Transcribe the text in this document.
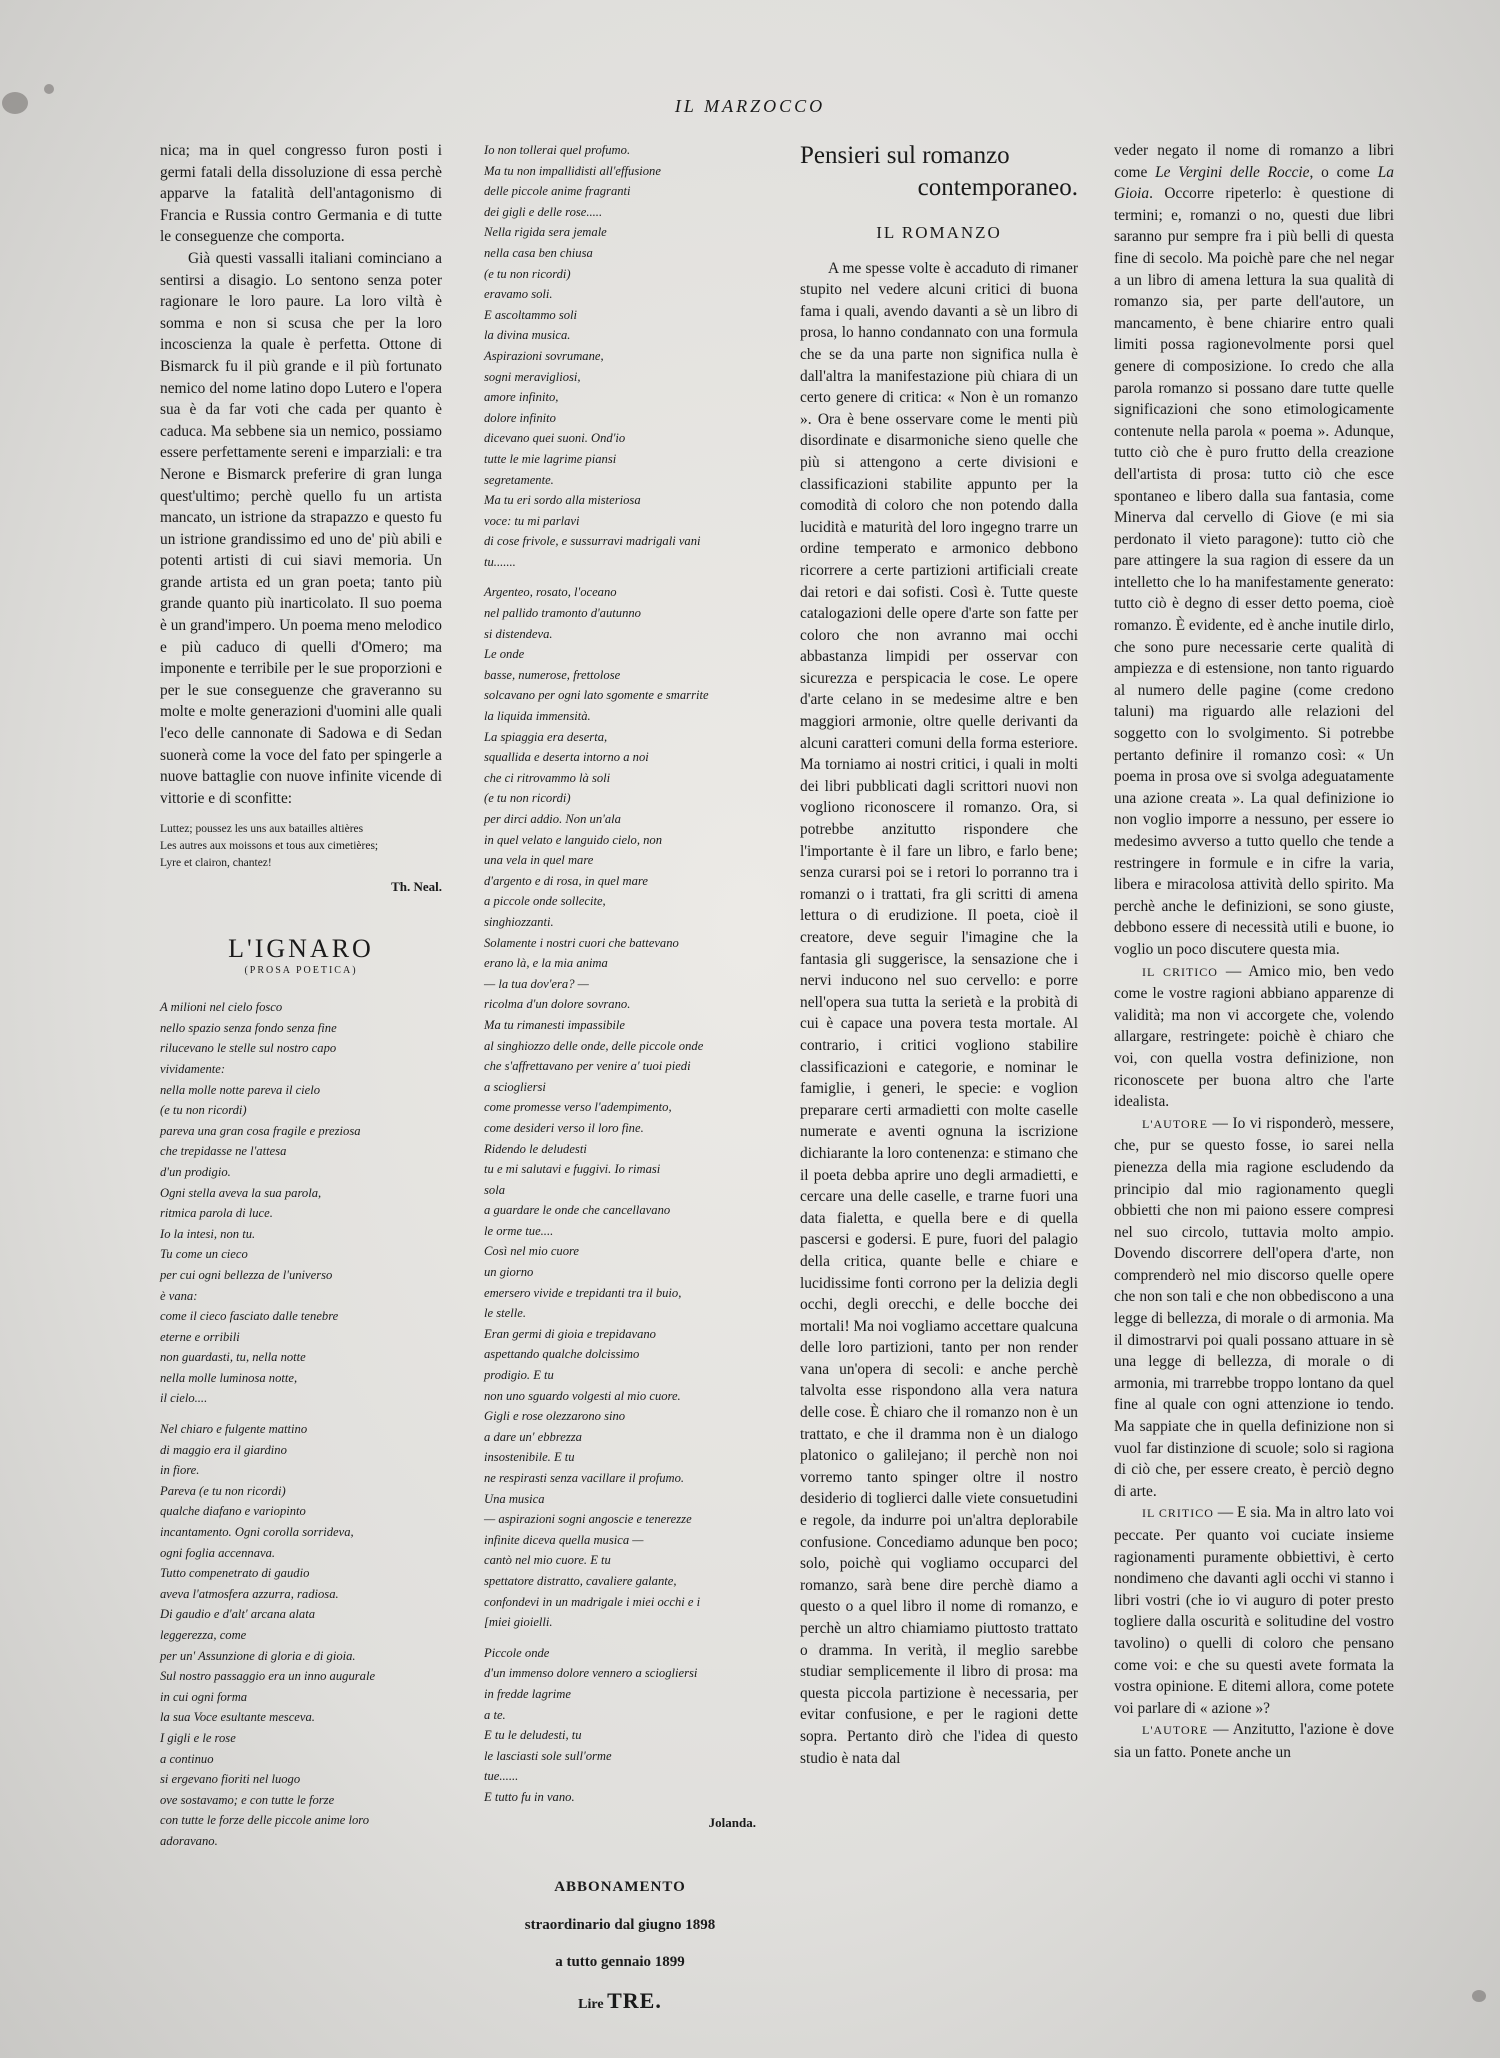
IL MARZOCCO

nica; ma in quel congresso furon posti i germi fatali della dissoluzione di essa perchè apparve la fatalità dell'antagonismo di Francia e Russia contro Germania e di tutte le conseguenze che comporta.

Già questi vassalli italiani cominciano a sentirsi a disagio. Lo sentono senza poter ragionare le loro paure. La loro viltà è somma e non si scusa che per la loro incoscienza la quale è perfetta. Ottone di Bismarck fu il più grande e il più fortunato nemico del nome latino dopo Lutero e l'opera sua è da far voti che cada per quanto è caduca. Ma sebbene sia un nemico, possiamo essere perfettamente sereni e imparziali: e tra Nerone e Bismarck preferire di gran lunga quest'ultimo; perchè quello fu un artista mancato, un istrione da strapazzo e questo fu un istrione grandissimo ed uno de' più abili e potenti artisti di cui siavi memoria. Un grande artista ed un gran poeta; tanto più grande quanto più inarticolato. Il suo poema è un grand'impero. Un poema meno melodico e più caduco di quelli d'Omero; ma imponente e terribile per le sue proporzioni e per le sue conseguenze che graveranno su molte e molte generazioni d'uomini alle quali l'eco delle cannonate di Sadowa e di Sedan suonerà come la voce del fato per spingerle a nuove battaglie con nuove infinite vicende di vittorie e di sconfitte:

Luttez; poussez les uns aux batailles altières
Les autres aux moissons et tous aux cimetières;
Lyre et clairon, chantez!
Th. Neal.
L'IGNARO
(PROSA POETICA)
A milioni nel cielo fosco
nello spazio senza fondo senza fine
rilucevano le stelle sul nostro capo
vividamente:
nella molle notte pareva il cielo
(e tu non ricordi)
pareva una gran cosa fragile e preziosa
che trepidasse ne l'attesa
d'un prodigio.
Ogni stella aveva la sua parola,
ritmica parola di luce.
Io la intesi, non tu.
Tu come un cieco
per cui ogni bellezza de l'universo
è vana:
come il cieco fasciato dalle tenebre
eterne e orribili
non guardasti, tu, nella notte
nella molle luminosa notte,
il cielo....
Nel chiaro e fulgente mattino
di maggio era il giardino
in fiore.
Pareva (e tu non ricordi)
qualche diafano e variopinto
incantamento. Ogni corolla sorrideva,
ogni foglia accennava.
Tutto compenetrato di gaudio
aveva l'atmosfera azzurra, radiosa.
Di gaudio e d'alt' arcana alata
leggerezza, come
per un' Assunzione di gloria e di gioia.
Sul nostro passaggio era un inno augurale
in cui ogni forma
la sua Voce esultante mesceva.
I gigli e le rose
a continuo
si ergevano fioriti nel luogo
ove sostavamo; e con tutte le forze
con tutte le forze delle piccole anime loro
adoravano.
Io non tollerai quel profumo.
Ma tu non impallidisti all'effusione
delle piccole anime fragranti
dei gigli e delle rose.....
Nella rigida sera jemale
nella casa ben chiusa
(e tu non ricordi)
eravamo soli.
E ascoltammo soli
la divina musica.
Aspirazioni sovrumane,
sogni meravigliosi,
amore infinito,
dolore infinito
dicevano quei suoni. Ond'io
tutte le mie lagrime piansi
segretamente.
Ma tu eri sordo alla misteriosa
voce: tu mi parlavi
di cose frivole, e sussurravi madrigali vani
tu.......
Argenteo, rosato, l'oceano
nel pallido tramonto d'autunno
si distendeva.
Le onde
basse, numerose, frettolose
solcavano per ogni lato sgomente e smarrite
la liquida immensità.
La spiaggia era deserta,
squallida e deserta intorno a noi
che ci ritrovammo là soli
(e tu non ricordi)
per dirci addio. Non un'ala
in quel velato e languido cielo, non
una vela in quel mare
d'argento e di rosa, in quel mare
a piccole onde sollecite,
singhiozzanti.
Solamente i nostri cuori che battevano
erano là, e la mia anima
— la tua dov'era? —
ricolma d'un dolore sovrano.
Ma tu rimanesti impassibile
al singhiozzo delle onde, delle piccole onde
che s'affrettavano per venire a' tuoi piedi
a sciogliersi
come promesse verso l'adempimento,
come desideri verso il loro fine.
Ridendo le deludesti
tu e mi salutavi e fuggivi. Io rimasi
sola
a guardare le onde che cancellavano
le orme tue....
Così nel mio cuore
un giorno
emersero vivide e trepidanti tra il buio,
le stelle.
Eran germi di gioia e trepidavano
aspettando qualche dolcissimo
prodigio. E tu
non uno sguardo volgesti al mio cuore.
Gigli e rose olezzarono sino
a dare un' ebbrezza
insostenibile. E tu
ne respirasti senza vacillare il profumo.
Una musica
— aspirazioni sogni angoscie e tenerezze
infinite diceva quella musica —
cantò nel mio cuore. E tu
spettatore distratto, cavaliere galante,
confondevi in un madrigale i miei occhi e i
[miei gioielli.
Piccole onde
d'un immenso dolore vennero a sciogliersi
in fredde lagrime
a te.
E tu le deludesti, tu
le lasciasti sole sull'orme
tue......
E tutto fu in vano.
Jolanda.
ABBONAMENTO
straordinario dal giugno 1898
a tutto gennaio 1899
Lire TRE.
Pensieri sul romanzo
contemporaneo.
IL ROMANZO

A me spesse volte è accaduto di rimaner stupito nel vedere alcuni critici di buona fama i quali, avendo davanti a sè un libro di prosa, lo hanno condannato con una formula che se da una parte non significa nulla è dall'altra la manifestazione più chiara di un certo genere di critica: « Non è un romanzo ». Ora è bene osservare come le menti più disordinate e disarmoniche sieno quelle che più si attengono a certe divisioni e classificazioni stabilite appunto per la comodità di coloro che non potendo dalla lucidità e maturità del loro ingegno trarre un ordine temperato e armonico debbono ricorrere a certe partizioni artificiali create dai retori e dai sofisti. Così è. Tutte queste catalogazioni delle opere d'arte son fatte per coloro che non avranno mai occhi abbastanza limpidi per osservar con sicurezza e perspicacia le cose. Le opere d'arte celano in se medesime altre e ben maggiori armonie, oltre quelle derivanti da alcuni caratteri comuni della forma esteriore. Ma torniamo ai nostri critici, i quali in molti dei libri pubblicati dagli scrittori nuovi non vogliono riconoscere il romanzo. Ora, si potrebbe anzitutto rispondere che l'importante è il fare un libro, e farlo bene; senza curarsi poi se i retori lo porranno tra i romanzi o i trattati, fra gli scritti di amena lettura o di erudizione. Il poeta, cioè il creatore, deve seguir l'imagine che la fantasia gli suggerisce, la sensazione che i nervi inducono nel suo cervello: e porre nell'opera sua tutta la serietà e la probità di cui è capace una povera testa mortale. Al contrario, i critici vogliono stabilire classificazioni e categorie, e nominar le famiglie, i generi, le specie: e voglion preparare certi armadietti con molte caselle numerate e aventi ognuna la iscrizione dichiarante la loro contenenza: e stimano che il poeta debba aprire uno degli armadietti, e cercare una delle caselle, e trarne fuori una data fialetta, e quella bere e di quella pascersi e godersi. E pure, fuori del palagio della critica, quante belle e chiare e lucidissime fonti corrono per la delizia degli occhi, degli orecchi, e delle bocche dei mortali! Ma noi vogliamo accettare qualcuna delle loro partizioni, tanto per non render vana un'opera di secoli: e anche perchè talvolta esse rispondono alla vera natura delle cose. È chiaro che il romanzo non è un trattato, e che il dramma non è un dialogo platonico o galilejano; il perchè non noi vorremo tanto spinger oltre il nostro desiderio di toglierci dalle viete consuetudini e regole, da indurre poi un'altra deplorabile confusione. Concediamo adunque ben poco; solo, poichè qui vogliamo occuparci del romanzo, sarà bene dire perchè diamo a questo o a quel libro il nome di romanzo, e perchè un altro chiamiamo piuttosto trattato o dramma. In verità, il meglio sarebbe studiar semplicemente il libro di prosa: ma questa piccola partizione è necessaria, per evitar confusione, e per le ragioni dette sopra. Pertanto dirò che l'idea di questo studio è nata dal

veder negato il nome di romanzo a libri come Le Vergini delle Roccie, o come La Gioia. Occorre ripeterlo: è questione di termini; e, romanzi o no, questi due libri saranno pur sempre fra i più belli di questa fine di secolo. Ma poichè pare che nel negar a un libro di amena lettura la sua qualità di romanzo sia, per parte dell'autore, un mancamento, è bene chiarire entro quali limiti possa ragionevolmente porsi quel genere di composizione. Io credo che alla parola romanzo si possano dare tutte quelle significazioni che sono etimologicamente contenute nella parola « poema ». Adunque, tutto ciò che è puro frutto della creazione dell'artista di prosa: tutto ciò che esce spontaneo e libero dalla sua fantasia, come Minerva dal cervello di Giove (e mi sia perdonato il vieto paragone): tutto ciò che pare attingere la sua ragion di essere da un intelletto che lo ha manifestamente generato: tutto ciò è degno di esser detto poema, cioè romanzo. È evidente, ed è anche inutile dirlo, che sono pure necessarie certe qualità di ampiezza e di estensione, non tanto riguardo al numero delle pagine (come credono taluni) ma riguardo alle relazioni del soggetto con lo svolgimento. Si potrebbe pertanto definire il romanzo così: « Un poema in prosa ove si svolga adeguatamente una azione creata ». La qual definizione io non voglio imporre a nessuno, per essere io medesimo avverso a tutto quello che tende a restringere in formule e in cifre la varia, libera e miracolosa attività dello spirito. Ma perchè anche le definizioni, se sono giuste, debbono essere di necessità utili e buone, io voglio un poco discutere questa mia.

IL CRITICO — Amico mio, ben vedo come le vostre ragioni abbiano apparenze di validità; ma non vi accorgete che, volendo allargare, restringete: poichè è chiaro che voi, con quella vostra definizione, non riconoscete per buona altro che l'arte idealista.

L'AUTORE — Io vi risponderò, messere, che, pur se questo fosse, io sarei nella pienezza della mia ragione escludendo da principio dal mio ragionamento quegli obbietti che non mi paiono essere compresi nel suo circolo, tuttavia molto ampio. Dovendo discorrere dell'opera d'arte, non comprenderò nel mio discorso quelle opere che non son tali e che non obbediscono a una legge di bellezza, di morale o di armonia. Ma il dimostrarvi poi quali possano attuare in sè una legge di bellezza, di morale o di armonia, mi trarrebbe troppo lontano da quel fine al quale con ogni attenzione io tendo. Ma sappiate che in quella definizione non si vuol far distinzione di scuole; solo si ragiona di ciò che, per essere creato, è perciò degno di arte.

IL CRITICO — E sia. Ma in altro lato voi peccate. Per quanto voi cuciate insieme ragionamenti puramente obbiettivi, è certo nondimeno che davanti agli occhi vi stanno i libri vostri (che io vi auguro di poter presto togliere dalla oscurità e solitudine del vostro tavolino) o quelli di coloro che pensano come voi: e che su questi avete formata la vostra opinione. E ditemi allora, come potete voi parlare di « azione »?

L'AUTORE — Anzitutto, l'azione è dove sia un fatto. Ponete anche un
